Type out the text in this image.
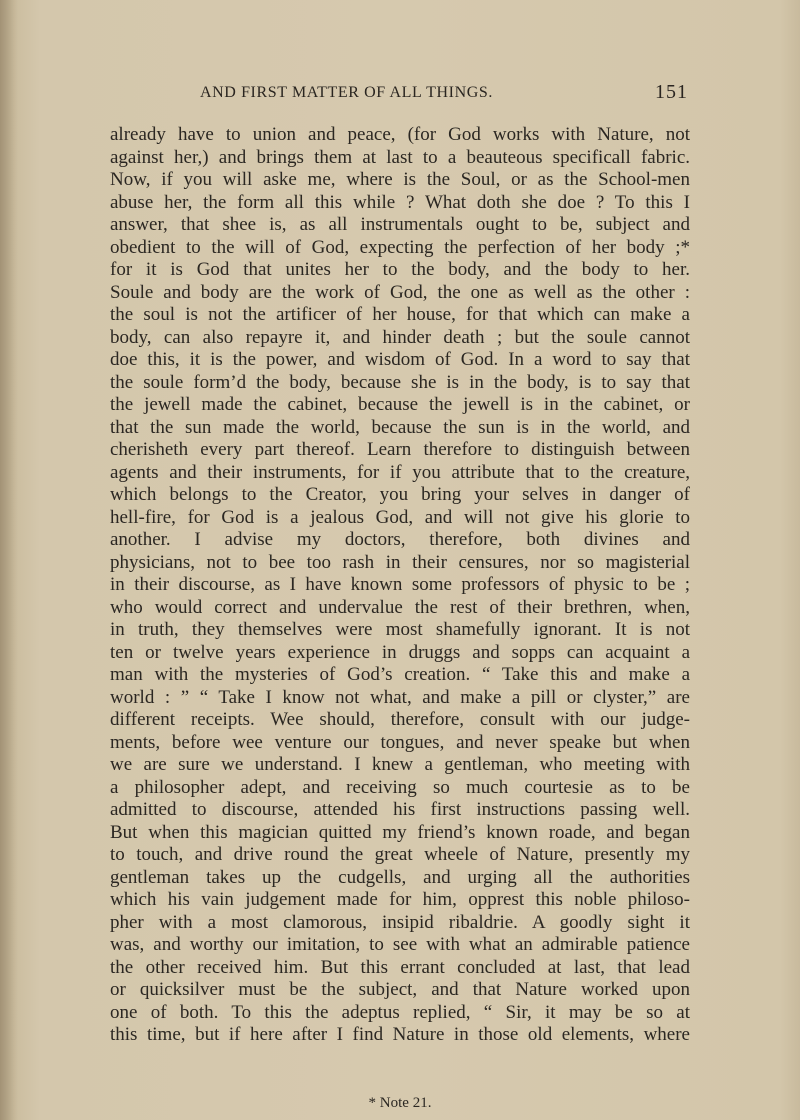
AND FIRST MATTER OF ALL THINGS.	151
already have to union and peace, (for God works with Nature, not
against her,) and brings them at last to a beauteous specificall fabric.
Now, if you will aske me, where is the Soul, or as the School-men
abuse her, the form all this while ? What doth she doe ? To this I
answer, that shee is, as all instrumentals ought to be, subject and
obedient to the will of God, expecting the perfection of her body ;*
for it is God that unites her to the body, and the body to her.
Soule and body are the work of God, the one as well as the other :
the soul is not the artificer of her house, for that which can make a
body, can also repayre it, and hinder death ; but the soule cannot
doe this, it is the power, and wisdom of God. In a word to say that
the soule form’d the body, because she is in the body, is to say that
the jewell made the cabinet, because the jewell is in the cabinet, or
that the sun made the world, because the sun is in the world, and
cherisheth every part thereof. Learn therefore to distinguish between
agents and their instruments, for if you attribute that to the creature,
which belongs to the Creator, you bring your selves in danger of
hell-fire, for God is a jealous God, and will not give his glorie to
another. I advise my doctors, therefore, both divines and
physicians, not to bee too rash in their censures, nor so magisterial
in their discourse, as I have known some professors of physic to be ;
who would correct and undervalue the rest of their brethren, when,
in truth, they themselves were most shamefully ignorant. It is not
ten or twelve years experience in druggs and sopps can acquaint a
man with the mysteries of God’s creation. “ Take this and make a
world : ” “ Take I know not what, and make a pill or clyster,” are
different receipts. Wee should, therefore, consult with our judge-
ments, before wee venture our tongues, and never speake but when
we are sure we understand. I knew a gentleman, who meeting with
a philosopher adept, and receiving so much courtesie as to be
admitted to discourse, attended his first instructions passing well.
But when this magician quitted my friend’s known roade, and began
to touch, and drive round the great wheele of Nature, presently my
gentleman takes up the cudgells, and urging all the authorities
which his vain judgement made for him, opprest this noble philoso-
pher with a most clamorous, insipid ribaldrie. A goodly sight it
was, and worthy our imitation, to see with what an admirable patience
the other received him. But this errant concluded at last, that lead
or quicksilver must be the subject, and that Nature worked upon
one of both. To this the adeptus replied, “ Sir, it may be so at
this time, but if here after I find Nature in those old elements, where
* Note 21.
